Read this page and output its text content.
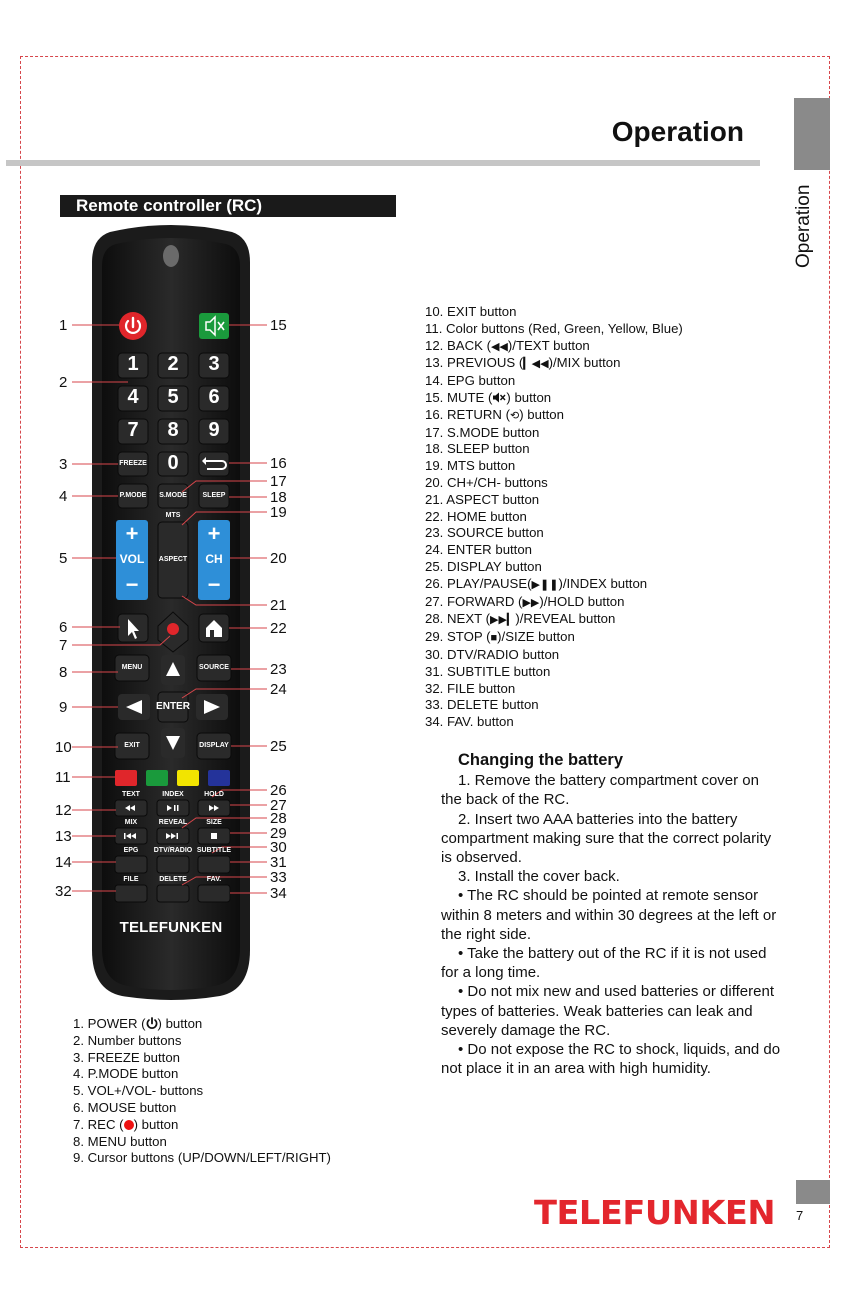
Operation
Operation
Remote controller (RC)
1	2	3
4	5	6
7	8	9
0
FREEZE
P.MODE	S.MODE	SLEEP
MTS
ASPECT
+
VOL
−
+
CH
−
MENU	SOURCE
ENTER
EXIT	DISPLAY
TEXT	INDEX	HOLD
MIX	REVEAL	SIZE
EPG	DTV/RADIO SUBTITLE
FILE	DELETE	FAV.
TELEFUNKEN
1
2
3
4
5
6
7
8
9
10
11
12
13
14
32
15
16
17
18
19
20
21
22
23
24
25
26
27
28
29
30
31
33
34
10. EXIT button
11. Color buttons (Red, Green, Yellow, Blue)
12. BACK (◀◀)/TEXT button
13. PREVIOUS (▎◀◀)/MIX button
14. EPG button
15. MUTE ( ) button
16. RETURN (⟲) button
17. S.MODE button
18. SLEEP button
19. MTS button
20. CH+/CH- buttons
21. ASPECT button
22. HOME button
23. SOURCE button
24. ENTER button
25. DISPLAY button
26. PLAY/PAUSE(▶❚❚)/INDEX button
27. FORWARD (▶▶)/HOLD button
28. NEXT (▶▶▎)/REVEAL button
29. STOP (■)/SIZE button
30. DTV/RADIO button
31. SUBTITLE button
32. FILE button
33. DELETE button
34. FAV. button
1. POWER ( ) button
2. Number buttons
3. FREEZE button
4. P.MODE button
5. VOL+/VOL- buttons
6. MOUSE button
7. REC ( ) button
8. MENU button
9. Cursor buttons (UP/DOWN/LEFT/RIGHT)
Changing the battery

1. Remove the battery compartment cover on the back of the RC.

2. Insert two AAA batteries into the battery compartment making sure that the correct polarity is observed.

3. Install the cover back.

• The RC should be pointed at remote sensor within 8 meters and within 30 degrees at the left or the right side.

• Take the battery out of the RC if it is not used for a long time.

• Do not mix new and used batteries or different types of batteries. Weak batteries can leak and severely damage the RC.

• Do not expose the RC to shock, liquids, and do not place it in an area with high humidity.

TELEFUNKEN 7
